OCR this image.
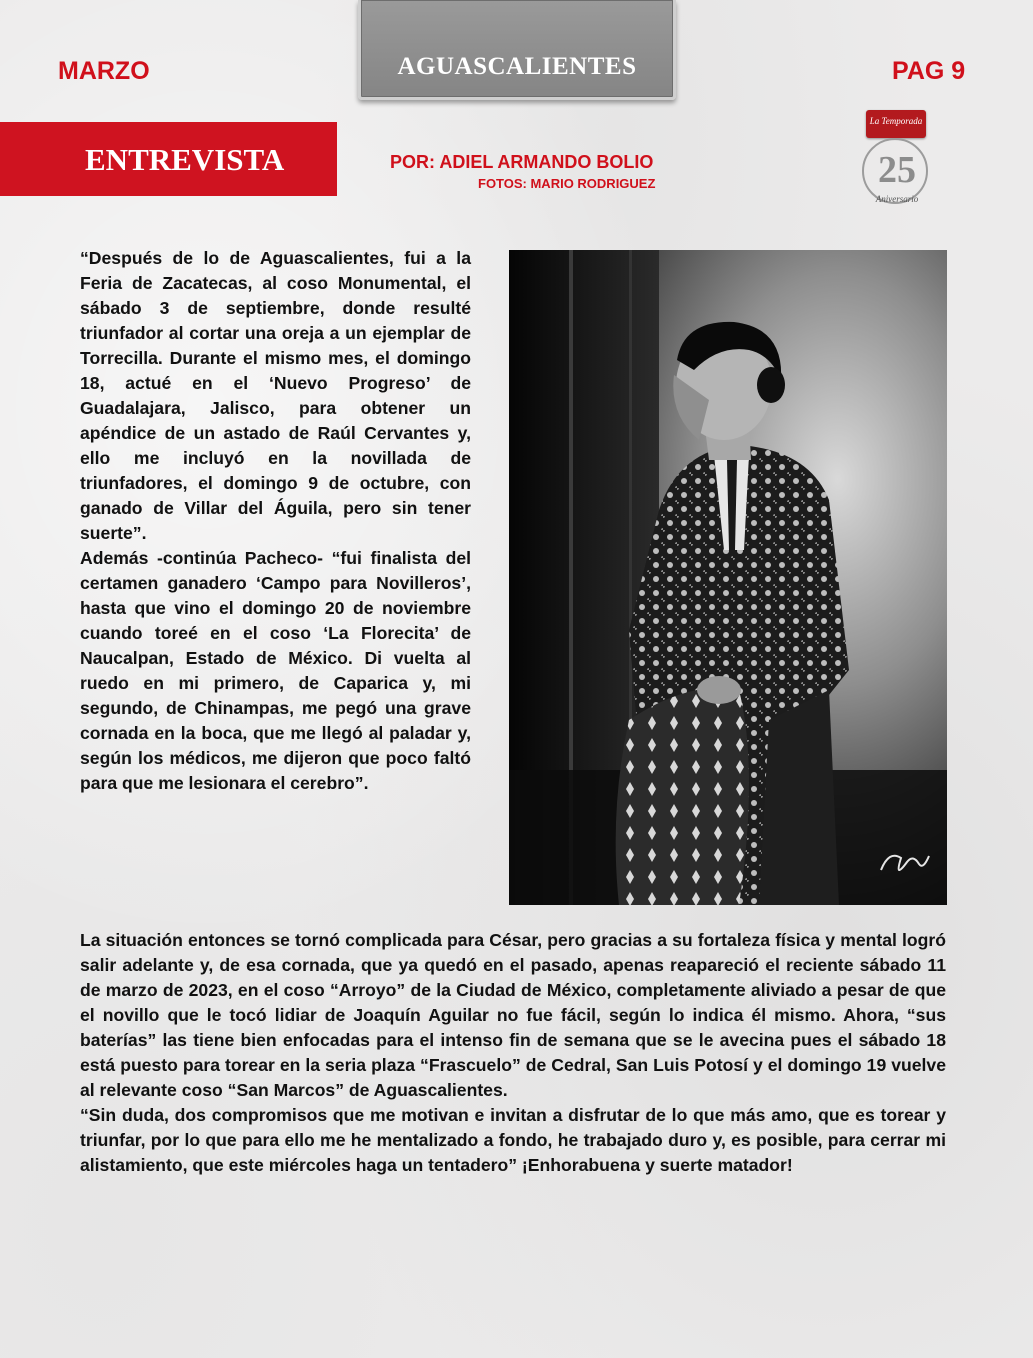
MARZO	AGUASCALIENTES	PAG 9
ENTREVISTA	POR: ADIEL ARMANDO BOLIO
FOTOS: MARIO RODRIGUEZ
La Temporada
25
Aniversario

“Después de lo de Aguascalientes, fui a la Feria de Zacatecas, al coso Monumental, el sábado 3 de septiembre, donde resulté triunfador al cortar una oreja a un ejemplar de Torrecilla. Durante el mismo mes, el domingo 18, actué en el ‘Nuevo Progreso’ de Guadalajara, Jalisco, para obtener un apéndice de un astado de Raúl Cervantes y, ello me incluyó en la novillada de triunfadores, el domingo 9 de octubre, con ganado de Villar del Águila, pero sin tener suerte”.

Además -continúa Pacheco- “fui finalista del certamen ganadero ‘Campo para Novilleros’, hasta que vino el domingo 20 de noviembre cuando toreé en el coso ‘La Florecita’ de Naucalpan, Estado de México. Di vuelta al ruedo en mi primero, de Caparica y, mi segundo, de Chinampas, me pegó una grave cornada en la boca, que me llegó al paladar y, según los médicos, me dijeron que poco faltó para que me lesionara el cerebro”.

La situación entonces se tornó complicada para César, pero gracias a su fortaleza física y mental logró salir adelante y, de esa cornada, que ya quedó en el pasado, apenas reapareció el reciente sábado 11 de marzo de 2023, en el coso “Arroyo” de la Ciudad de México, completamente aliviado a pesar de que el novillo que le tocó lidiar de Joaquín Aguilar no fue fácil, según lo indica él mismo. Ahora, “sus baterías” las tiene bien enfocadas para el intenso fin de semana que se le avecina pues el sábado 18 está puesto para torear en la seria plaza “Frascuelo” de Cedral, San Luis Potosí y el domingo 19 vuelve al relevante coso “San Marcos” de Aguascalientes.

“Sin duda, dos compromisos que me motivan e invitan a disfrutar de lo que más amo, que es torear y triunfar, por lo que para ello me he mentalizado a fondo, he trabajado duro y, es posible, para cerrar mi alistamiento, que este miércoles haga un tentadero” ¡Enhorabuena y suerte matador!
